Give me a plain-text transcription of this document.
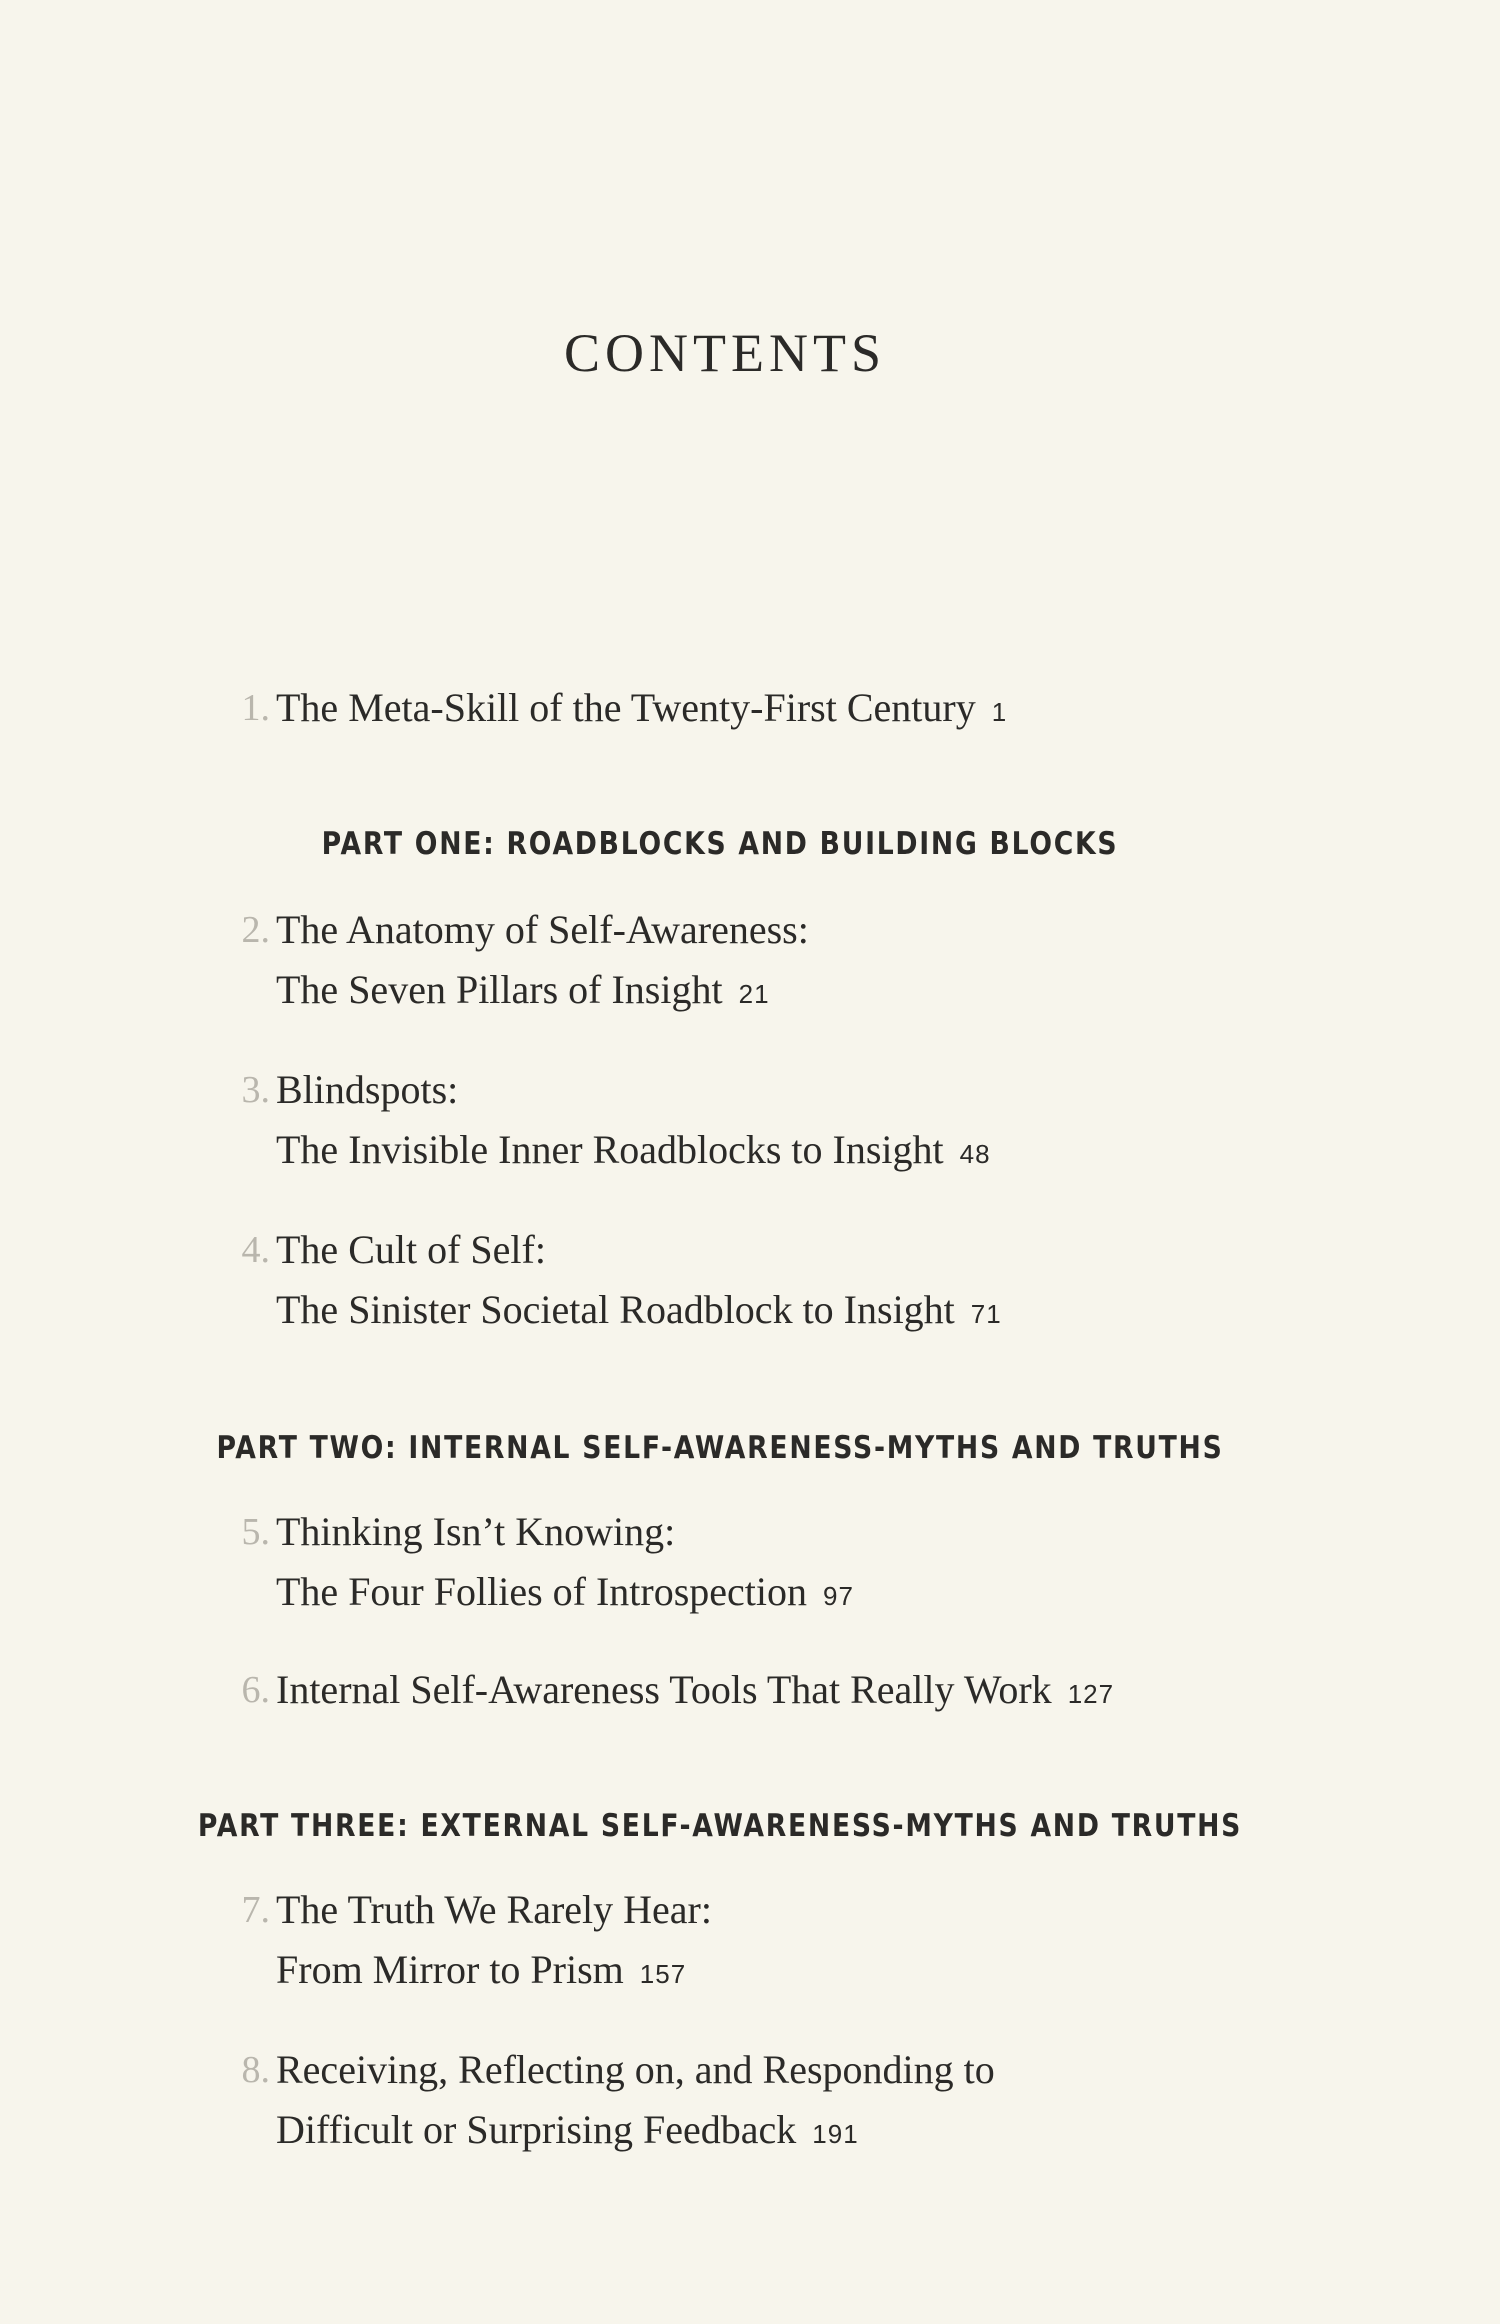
CONTENTS
1. The Meta-Skill of the Twenty-First Century 1
PART ONE: ROADBLOCKS AND BUILDING BLOCKS
2. The Anatomy of Self-Awareness:
The Seven Pillars of Insight 21
3. Blindspots:
The Invisible Inner Roadblocks to Insight 48
4. The Cult of Self:
The Sinister Societal Roadblock to Insight 71
PART TWO: INTERNAL SELF-AWARENESS-MYTHS AND TRUTHS
5. Thinking Isn’t Knowing:
The Four Follies of Introspection 97
6. Internal Self-Awareness Tools That Really Work 127
PART THREE: EXTERNAL SELF-AWARENESS-MYTHS AND TRUTHS
7. The Truth We Rarely Hear:
From Mirror to Prism 157
8. Receiving, Reflecting on, and Responding to
Difficult or Surprising Feedback 191
